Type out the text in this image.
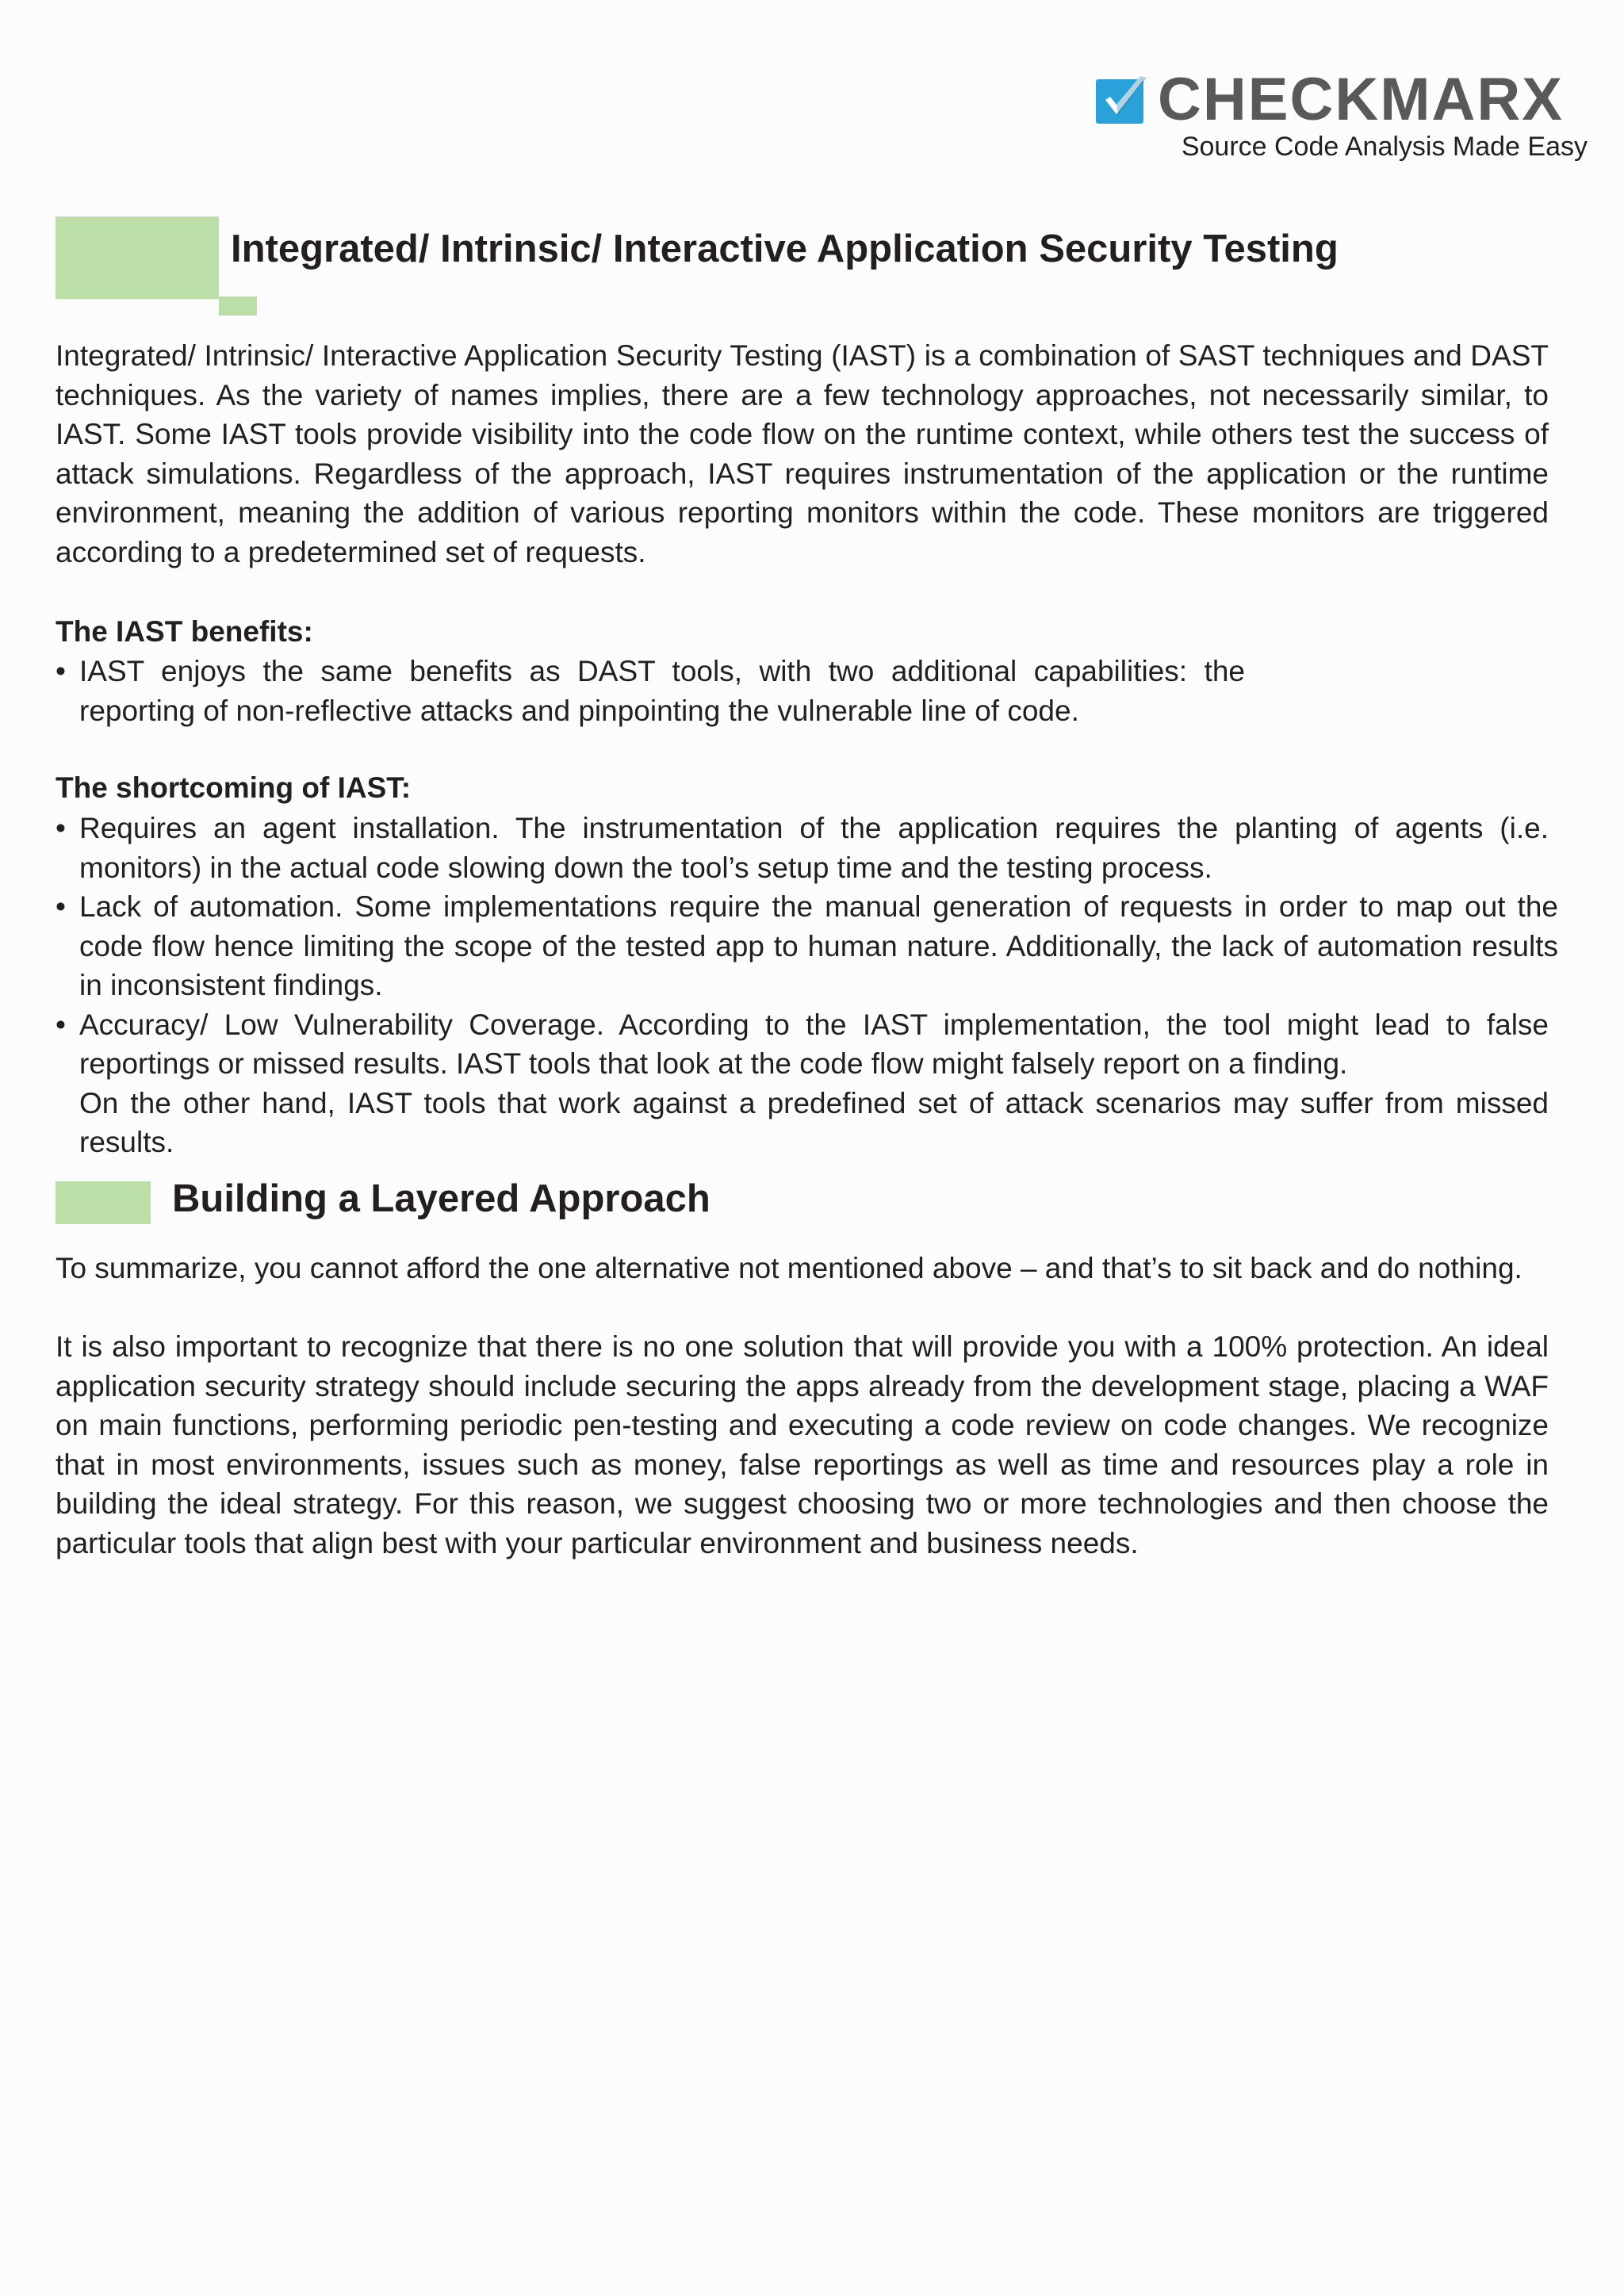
CHECKMARX
Source Code Analysis Made Easy
Integrated/ Intrinsic/ Interactive Application Security Testing

Integrated/ Intrinsic/ Interactive Application Security Testing (IAST) is a combination of SAST techniques and DAST techniques. As the variety of names implies, there are a few technology approaches, not necessarily similar, to IAST. Some IAST tools provide visibility into the code flow on the runtime context, while others test the success of attack simulations. Regardless of the approach, IAST requires instrumentation of the application or the runtime environment, meaning the addition of various reporting monitors within the code. These monitors are triggered according to a predetermined set of requests.

The IAST benefits:
• IAST enjoys the same benefits as DAST tools, with two additional capabilities: the reporting of non-reflective attacks and pinpointing the vulnerable line of code.
The shortcoming of IAST:
• Requires an agent installation. The instrumentation of the application requires the planting of agents (i.e. monitors) in the actual code slowing down the tool’s setup time and the testing process.
• Lack of automation. Some implementations require the manual generation of requests in order to map out the code flow hence limiting the scope of the tested app to human nature. Additionally, the lack of automation results in inconsistent findings.
• Accuracy/ Low Vulnerability Coverage. According to the IAST implementation, the tool might lead to false reportings or missed results. IAST tools that look at the code flow might falsely report on a finding.
On the other hand, IAST tools that work against a predefined set of attack scenarios may suffer from missed results.
Building a Layered Approach

To summarize, you cannot afford the one alternative not mentioned above – and that’s to sit back and do nothing.

It is also important to recognize that there is no one solution that will provide you with a 100% protection. An ideal application security strategy should include securing the apps already from the development stage, placing a WAF on main functions, performing periodic pen-testing and executing a code review on code changes. We recognize that in most environments, issues such as money, false reportings as well as time and resources play a role in building the ideal strategy. For this reason, we suggest choosing two or more technologies and then choose the particular tools that align best with your particular environment and business needs.
